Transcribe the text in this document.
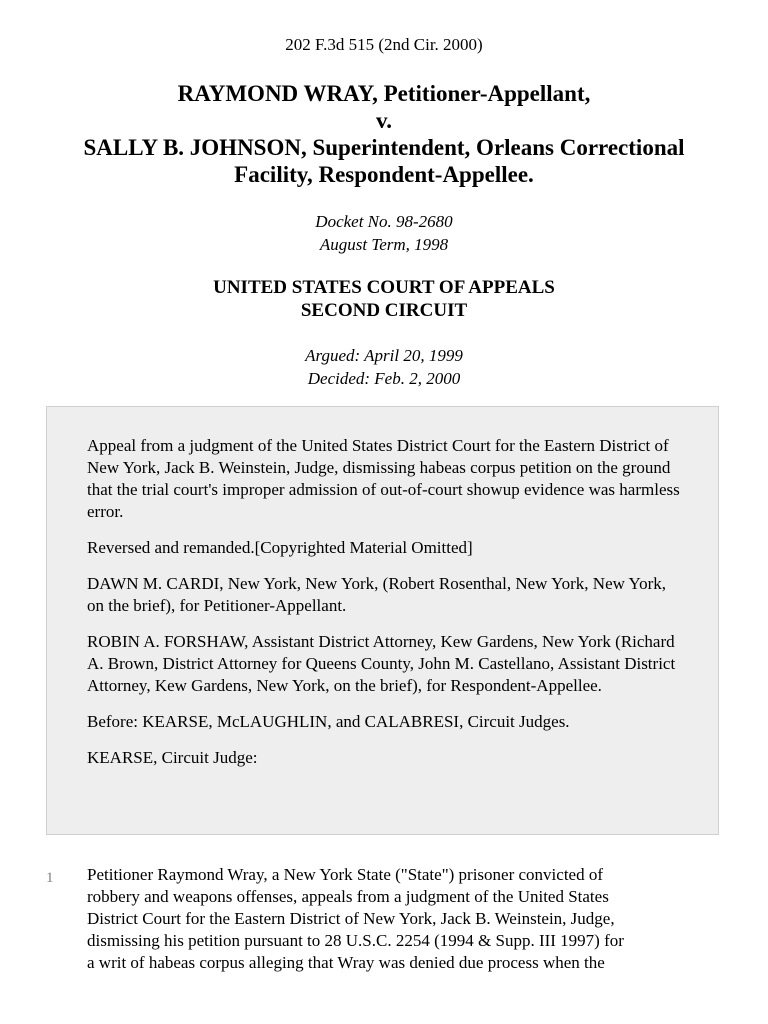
202 F.3d 515 (2nd Cir. 2000)
RAYMOND WRAY, Petitioner-Appellant,
v.
SALLY B. JOHNSON, Superintendent, Orleans Correctional
Facility, Respondent-Appellee.
Docket No. 98-2680
August Term, 1998
UNITED STATES COURT OF APPEALS
SECOND CIRCUIT
Argued: April 20, 1999
Decided: Feb. 2, 2000

Appeal from a judgment of the United States District Court for the Eastern District of New York, Jack B. Weinstein, Judge, dismissing habeas corpus petition on the ground that the trial court's improper admission of out-of-court showup evidence was harmless error.

Reversed and remanded.[Copyrighted Material Omitted]

DAWN M. CARDI, New York, New York, (Robert Rosenthal, New York, New York, on the brief), for Petitioner-Appellant.

ROBIN A. FORSHAW, Assistant District Attorney, Kew Gardens, New York (Richard A. Brown, District Attorney for Queens County, John M. Castellano, Assistant District Attorney, Kew Gardens, New York, on the brief), for Respondent-Appellee.

Before: KEARSE, McLAUGHLIN, and CALABRESI, Circuit Judges.

KEARSE, Circuit Judge:

1 Petitioner Raymond Wray, a New York State ("State") prisoner convicted of
robbery and weapons offenses, appeals from a judgment of the United States
District Court for the Eastern District of New York, Jack B. Weinstein, Judge,
dismissing his petition pursuant to 28 U.S.C. 2254 (1994 & Supp. III 1997) for
a writ of habeas corpus alleging that Wray was denied due process when the
